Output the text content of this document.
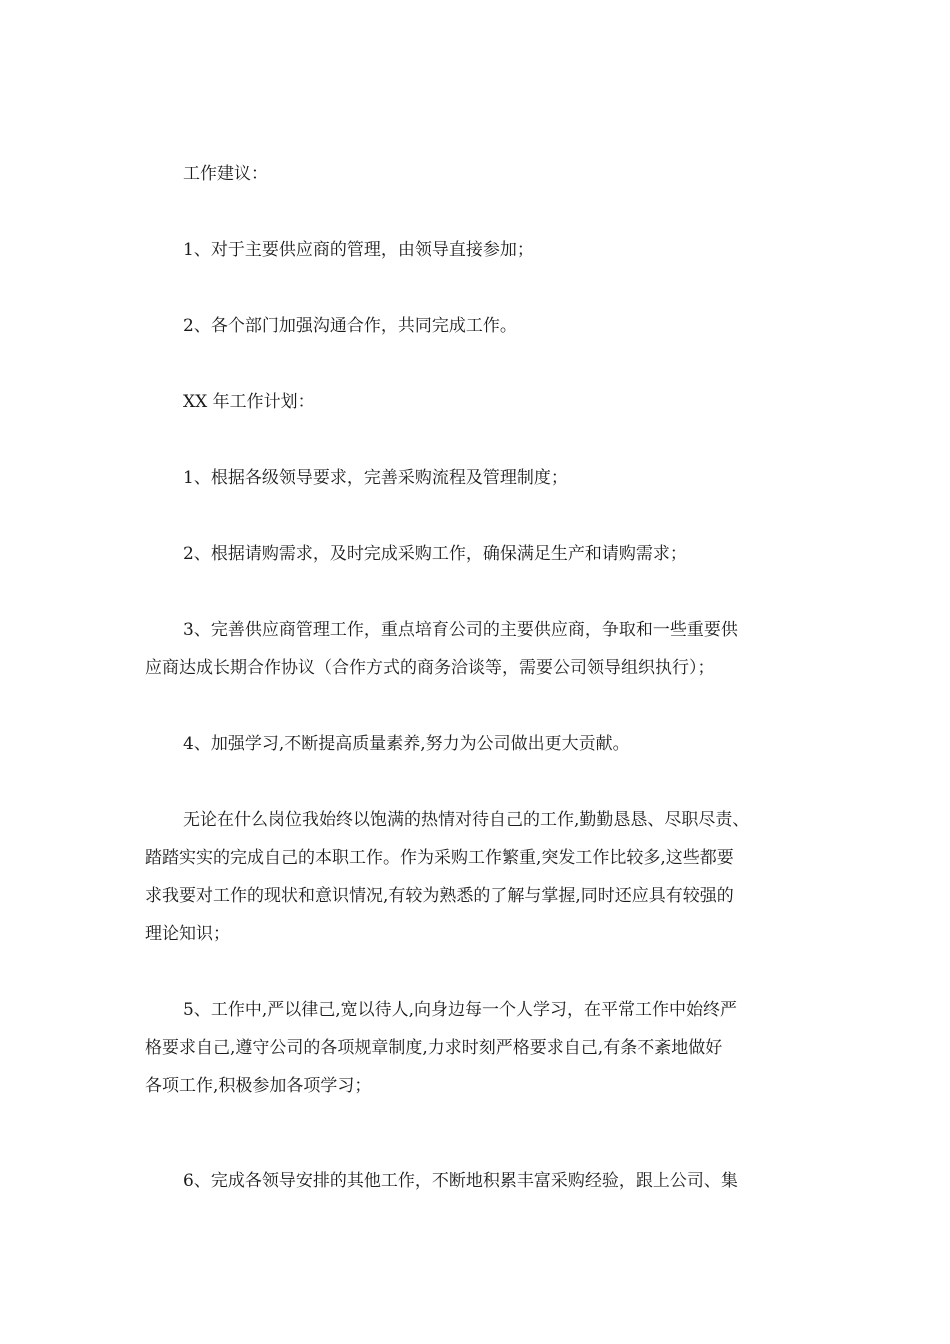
工作建议：
1、对于主要供应商的管理，由领导直接参加；
2、各个部门加强沟通合作，共同完成工作。
XX 年工作计划：
1、根据各级领导要求，完善采购流程及管理制度；
2、根据请购需求，及时完成采购工作，确保满足生产和请购需求；
3、完善供应商管理工作，重点培育公司的主要供应商，争取和一些重要供
应商达成长期合作协议（合作方式的商务洽谈等，需要公司领导组织执行）；
4、加强学习,不断提高质量素养,努力为公司做出更大贡献。
无论在什么岗位我始终以饱满的热情对待自己的工作,勤勤恳恳、尽职尽责、
踏踏实实的完成自己的本职工作。作为采购工作繁重,突发工作比较多,这些都要
求我要对工作的现状和意识情况,有较为熟悉的了解与掌握,同时还应具有较强的
理论知识；
5、工作中,严以律己,宽以待人,向身边每一个人学习，在平常工作中始终严
格要求自己,遵守公司的各项规章制度,力求时刻严格要求自己,有条不紊地做好
各项工作,积极参加各项学习；
6、完成各领导安排的其他工作，不断地积累丰富采购经验，跟上公司、集
